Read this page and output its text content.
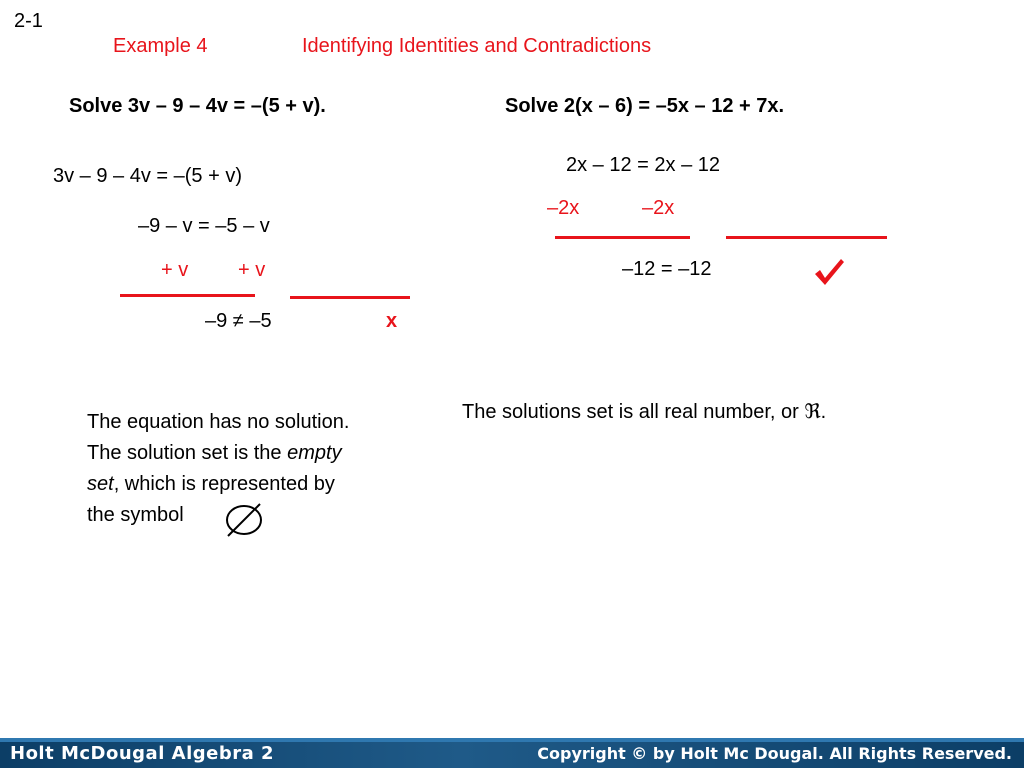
2-1
Example 4	Identifying Identities and Contradictions
Solve 3v – 9 – 4v = –(5 + v).
3v – 9 – 4v = –(5 + v)
–9 – v = –5 – v
+ v + v
–9 ≠ –5	x
The equation has no solution.
The solution set is the empty
set, which is represented by
the symbol
Solve 2(x – 6) = –5x – 12 + 7x.
2x – 12 = 2x – 12
–2x	–2x
–12 = –12
The solutions set is all real number, or ℜ.
Holt McDougal Algebra 2	Copyright © by Holt Mc Dougal. All Rights Reserved.
